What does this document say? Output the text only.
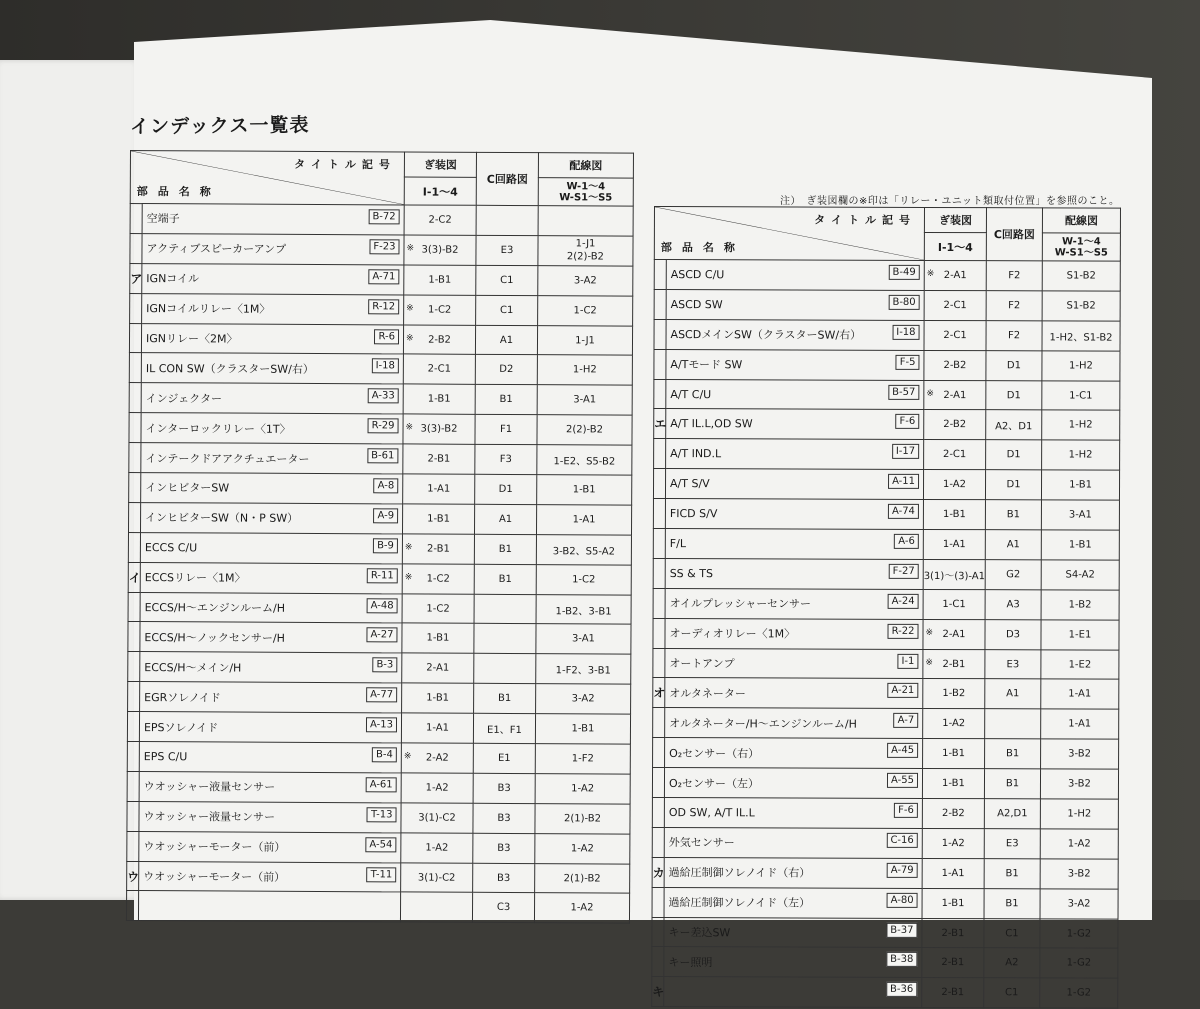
インデックス一覧表
注）　ぎ装図欄の※印は「リレー・ユニット類取付位置」を参照のこと。
タイトル記号
部品名称		ぎ装図	C回路図	配線図
		I-1～4		W-1～4
W-S1～S5

	空端子 B-72	2-C2		
	アクティブスピーカーアンプ F-23	※ 3(3)-B2	E3	1-J1
2(2)-B2
ア	IGNコイル A-71	1-B1	C1	3-A2
	IGNコイルリレー〈1M〉 R-12	※ 1-C2	C1	1-C2
	IGNリレー〈2M〉 R-6	※ 2-B2	A1	1-J1
	IL CON SW（クラスターSW/右） I-18	2-C1	D2	1-H2
	インジェクター A-33	1-B1	B1	3-A1
	インターロックリレー〈1T〉 R-29	※ 3(3)-B2	F1	2(2)-B2
	インテークドアアクチュエーター B-61	2-B1	F3	1-E2、S5-B2
	インヒビターSW A-8	1-A1	D1	1-B1
	インヒビターSW（N・P SW） A-9	1-B1	A1	1-A1
	ECCS C/U B-9	※ 2-B1	B1	3-B2、S5-A2
イ	ECCSリレー〈1M〉 R-11	※ 1-C2	B1	1-C2
	ECCS/H～エンジンルーム/H A-48	1-C2		1-B2、3-B1
	ECCS/H～ノックセンサー/H A-27	1-B1		3-A1
	ECCS/H～メイン/H B-3	2-A1		1-F2、3-B1
	EGRソレノイド A-77	1-B1	B1	3-A2
	EPSソレノイド A-13	1-A1	E1、F1	1-B1
	EPS C/U B-4	※ 2-A2	E1	1-F2
	ウオッシャー液量センサー A-61	1-A2	B3	1-A2
	ウオッシャー液量センサー T-13	3(1)-C2	B3	2(1)-B2
	ウオッシャーモーター（前） A-54	1-A2	B3	1-A2
ウ	ウオッシャーモーター（前） T-11	3(1)-C2	B3	2(1)-B2
			C3	1-A2
タイトル記号
部品名称		ぎ装図	C回路図	配線図
		I-1～4		W-1～4
W-S1～S5

	ASCD C/U B-49	※ 2-A1	F2	S1-B2
	ASCD SW B-80	2-C1	F2	S1-B2
	ASCDメインSW（クラスターSW/右） I-18	2-C1	F2	1-H2、S1-B2
	A/Tモード SW F-5	2-B2	D1	1-H2
	A/T C/U B-57	※ 2-A1	D1	1-C1
エ	A/T IL.L,OD SW F-6	2-B2	A2、D1	1-H2
	A/T IND.L I-17	2-C1	D1	1-H2
	A/T S/V A-11	1-A2	D1	1-B1
	FICD S/V A-74	1-B1	B1	3-A1
	F/L A-6	1-A1	A1	1-B1
	SS & TS F-27	3(1)～(3)-A1	G2	S4-A2
	オイルプレッシャーセンサー A-24	1-C1	A3	1-B2
	オーディオリレー〈1M〉 R-22	※ 2-A1	D3	1-E1
	オートアンプ I-1	※ 2-B1	E3	1-E2
オ	オルタネーター A-21	1-B2	A1	1-A1
	オルタネーター/H～エンジンルーム/H A-7	1-A2		1-A1
	O₂センサー（右） A-45	1-B1	B1	3-B2
	O₂センサー（左） A-55	1-B1	B1	3-B2
	OD SW, A/T IL.L F-6	2-B2	A2,D1	1-H2
	外気センサー C-16	1-A2	E3	1-A2
カ	過給圧制御ソレノイド（右） A-79	1-A1	B1	3-B2
	過給圧制御ソレノイド（左） A-80	1-B1	B1	3-A2
	キー差込SW B-37	2-B1	C1	1-G2
	キー照明 B-38	2-B1	A2	1-G2
キ	B-36	2-B1	C1	1-G2
